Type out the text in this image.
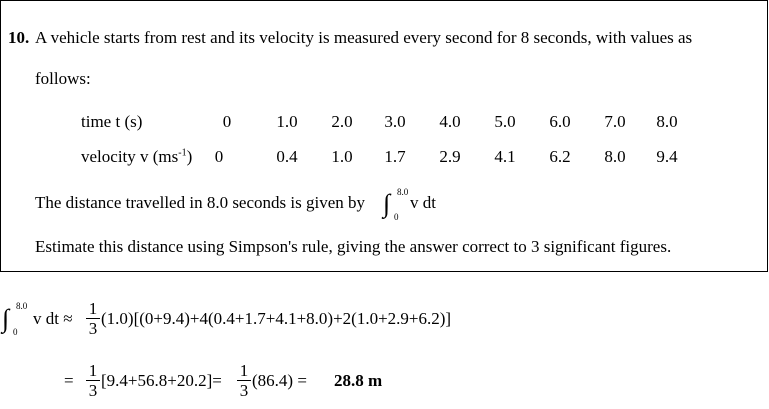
10. A vehicle starts from rest and its velocity is measured every second for 8 seconds, with values as
follows:
time t (s)	0	1.0	2.0	3.0	4.0	5.0	6.0	7.0	8.0
velocity v $(ms^{-1})$	0	0.4	1.0	1.7	2.9	4.1	6.2	8.0	9.4
The distance travelled in 8.0 seconds is given by ∫ 8.0
0
v dt
Estimate this distance using Simpson's rule, giving the answer correct to 3 significant figures.
∫ 8.0
0
v dt ≈
1
3
(1.0)[(0+9.4)+4(0.4+1.7+4.1+8.0)+2(1.0+2.9+6.2)]
=
1
3
[9.4+56.8+20.2]=
1
3
(86.4) = 28.8 m
